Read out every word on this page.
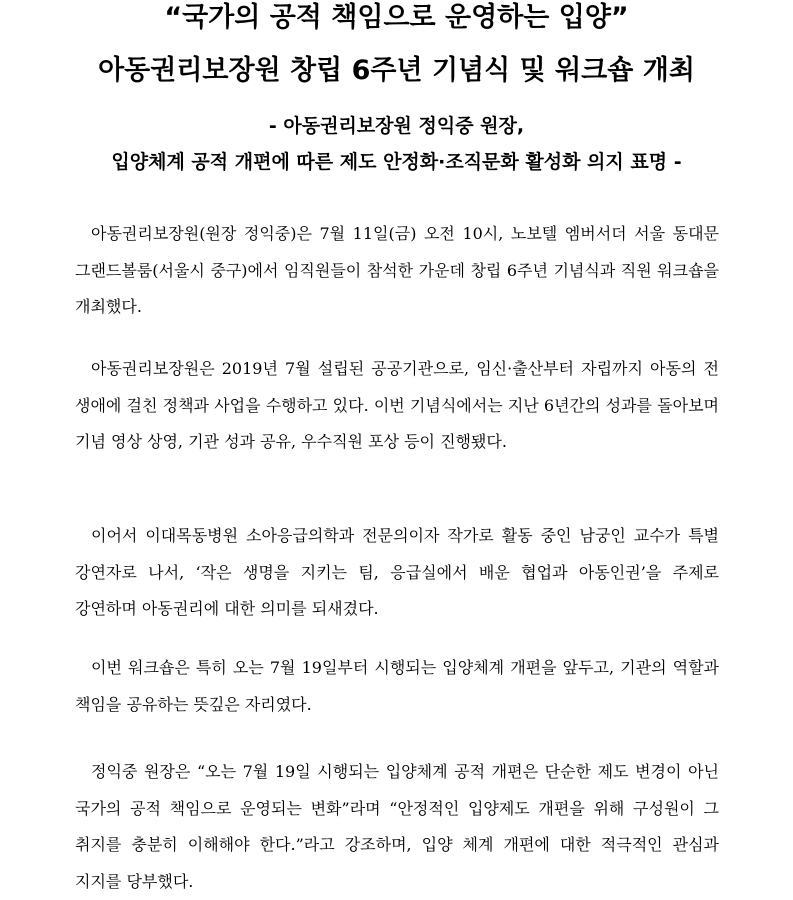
“국가의 공적 책임으로 운영하는 입양”
아동권리보장원 창립 6주년 기념식 및 워크숍 개최
- 아동권리보장원 정익중 원장,
입양체계 공적 개편에 따른 제도 안정화·조직문화 활성화 의지 표명 -

아동권리보장원(원장 정익중)은 7월 11일(금) 오전 10시, 노보텔 엠버서더 서울 동대문 그랜드볼룸(서울시 중구)에서 임직원들이 참석한 가운데 창립 6주년 기념식과 직원 워크숍을 개최했다.

아동권리보장원은 2019년 7월 설립된 공공기관으로, 임신·출산부터 자립까지 아동의 전 생애에 걸친 정책과 사업을 수행하고 있다. 이번 기념식에서는 지난 6년간의 성과를 돌아보며 기념 영상 상영, 기관 성과 공유, 우수직원 포상 등이 진행됐다.

이어서 이대목동병원 소아응급의학과 전문의이자 작가로 활동 중인 남궁인 교수가 특별 강연자로 나서, ‘작은 생명을 지키는 팀, 응급실에서 배운 협업과 아동인권’을 주제로 강연하며 아동권리에 대한 의미를 되새겼다.

이번 워크숍은 특히 오는 7월 19일부터 시행되는 입양체계 개편을 앞두고, 기관의 역할과 책임을 공유하는 뜻깊은 자리였다.

정익중 원장은 “오는 7월 19일 시행되는 입양체계 공적 개편은 단순한 제도 변경이 아닌 국가의 공적 책임으로 운영되는 변화”라며 “안정적인 입양제도 개편을 위해 구성원이 그 취지를 충분히 이해해야 한다.”라고 강조하며, 입양 체계 개편에 대한 적극적인 관심과 지지를 당부했다.
